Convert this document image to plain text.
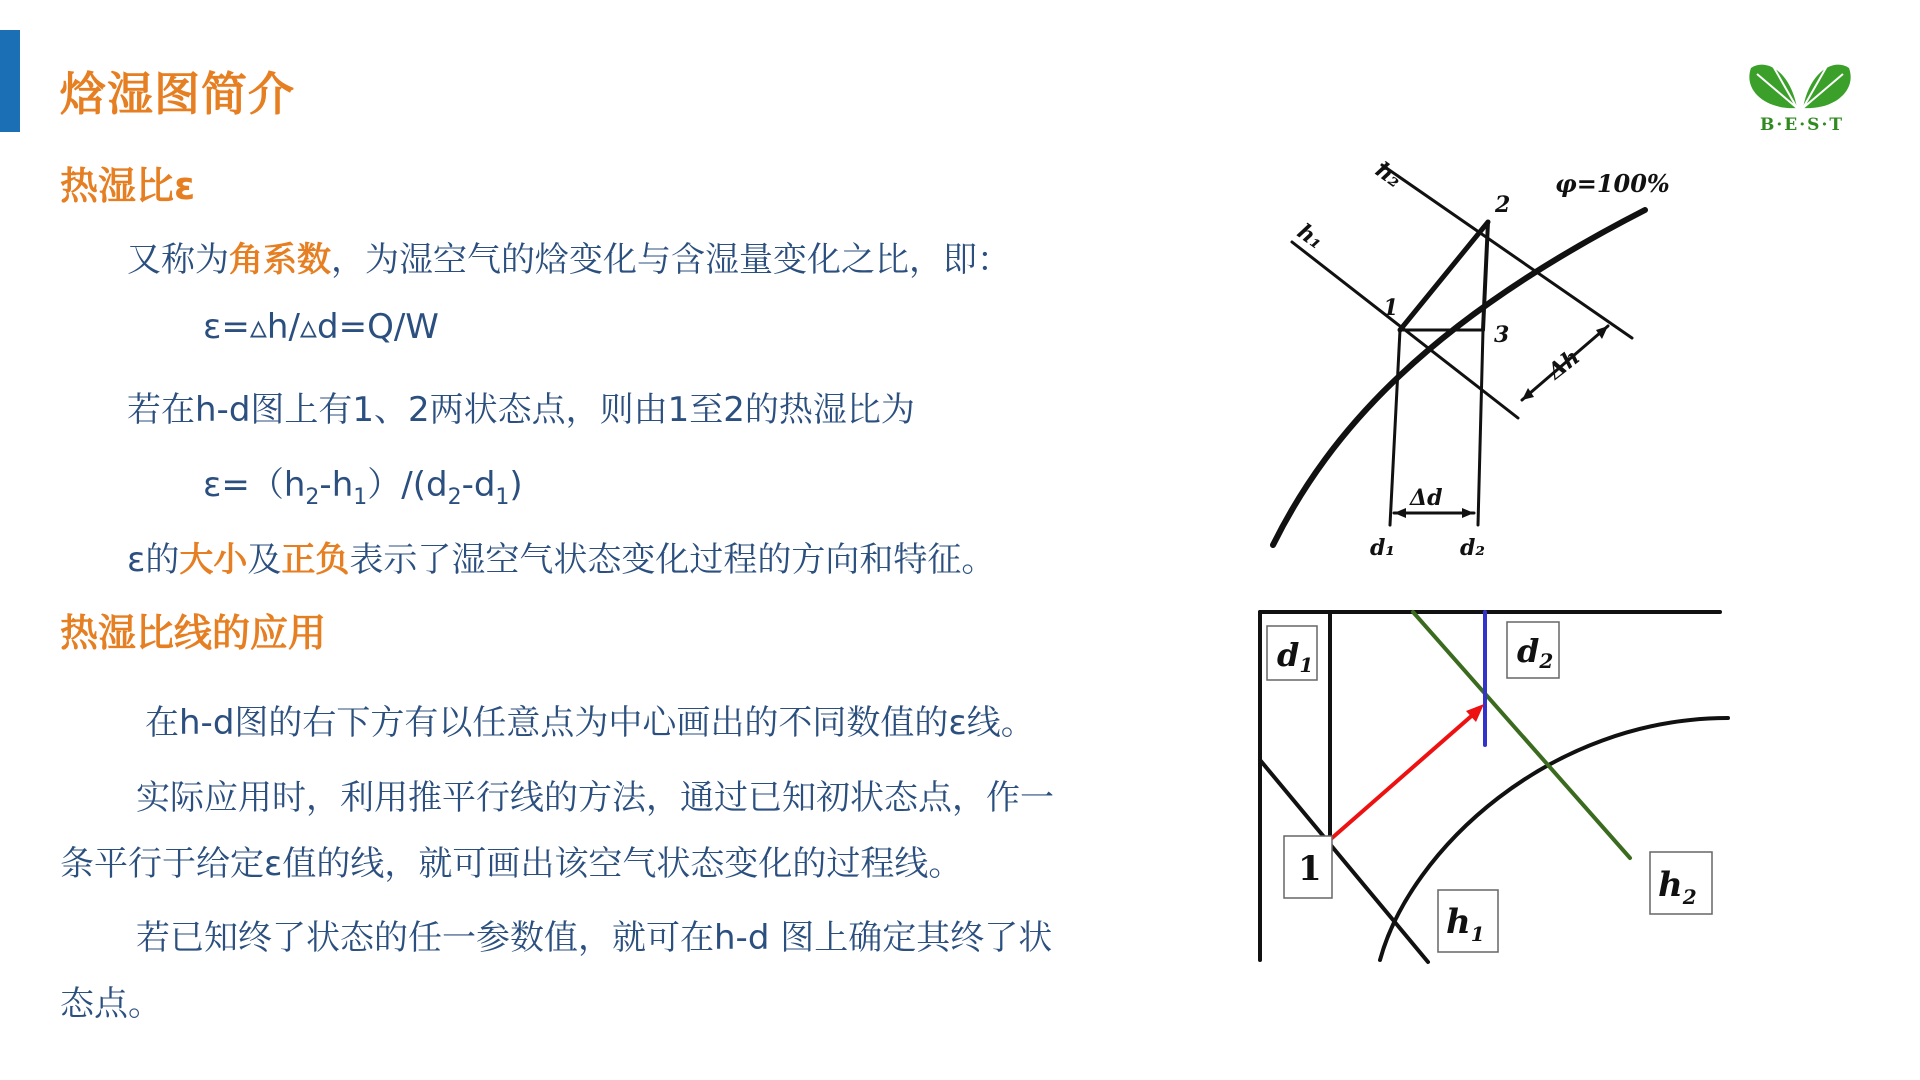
焓湿图简介
B·E·S·T
热湿比ε
又称为角系数，为湿空气的焓变化与含湿量变化之比，即：
ε=▵h/▵d=Q/W
若在h-d图上有1、2两状态点，则由1至2的热湿比为
$\varepsilon=(h_2-h_1)/(d_2-d_1)$
ε的大小及正负表示了湿空气状态变化过程的方向和特征。
热湿比线的应用
在h-d图的右下方有以任意点为中心画出的不同数值的ε线。
实际应用时，利用推平行线的方法，通过已知初状态点，作一
条平行于给定ε值的线，就可画出该空气状态变化的过程线。
若已知终了状态的任一参数值，就可在h-d 图上确定其终了状
态点。
φ=100%
2
1
3
h₂
h₁
Δh
Δd
d₁	d₂
d1	d2
1
$h_1$
$h_2$
